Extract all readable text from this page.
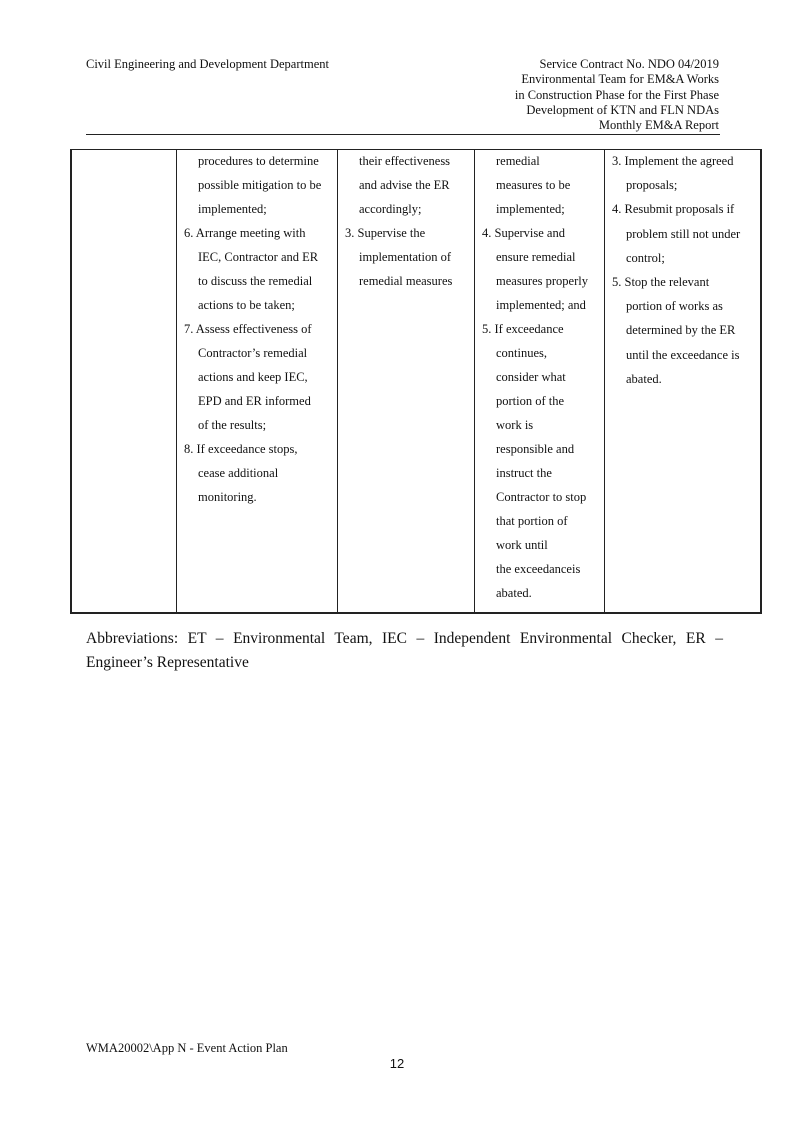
Civil Engineering and Development Department	Service Contract No. NDO 04/2019
Environmental Team for EM&A Works
in Construction Phase for the First Phase
Development of KTN and FLN NDAs
Monthly EM&A Report
procedures to determine
possible mitigation to be
implemented;
6. Arrange meeting with
IEC, Contractor and ER
to discuss the remedial
actions to be taken;
7. Assess effectiveness of
Contractor’s remedial
actions and keep IEC,
EPD and ER informed
of the results;
8. If exceedance stops,
cease additional
monitoring.
their effectiveness
and advise the ER
accordingly;
3. Supervise the
implementation of
remedial measures
remedial
measures to be
implemented;
4. Supervise and
ensure remedial
measures properly
implemented; and
5. If exceedance
continues,
consider what
portion of the
work is
responsible and
instruct the
Contractor to stop
that portion of
work until
the exceedanceis
abated.
3. Implement the agreed
proposals;
4. Resubmit proposals if
problem still not under
control;
5. Stop the relevant
portion of works as
determined by the ER
until the exceedance is
abated.
Abbreviations: ET – Environmental Team, IEC – Independent Environmental Checker, ER – Engineer’s Representative
WMA20002\App N - Event Action Plan
12
